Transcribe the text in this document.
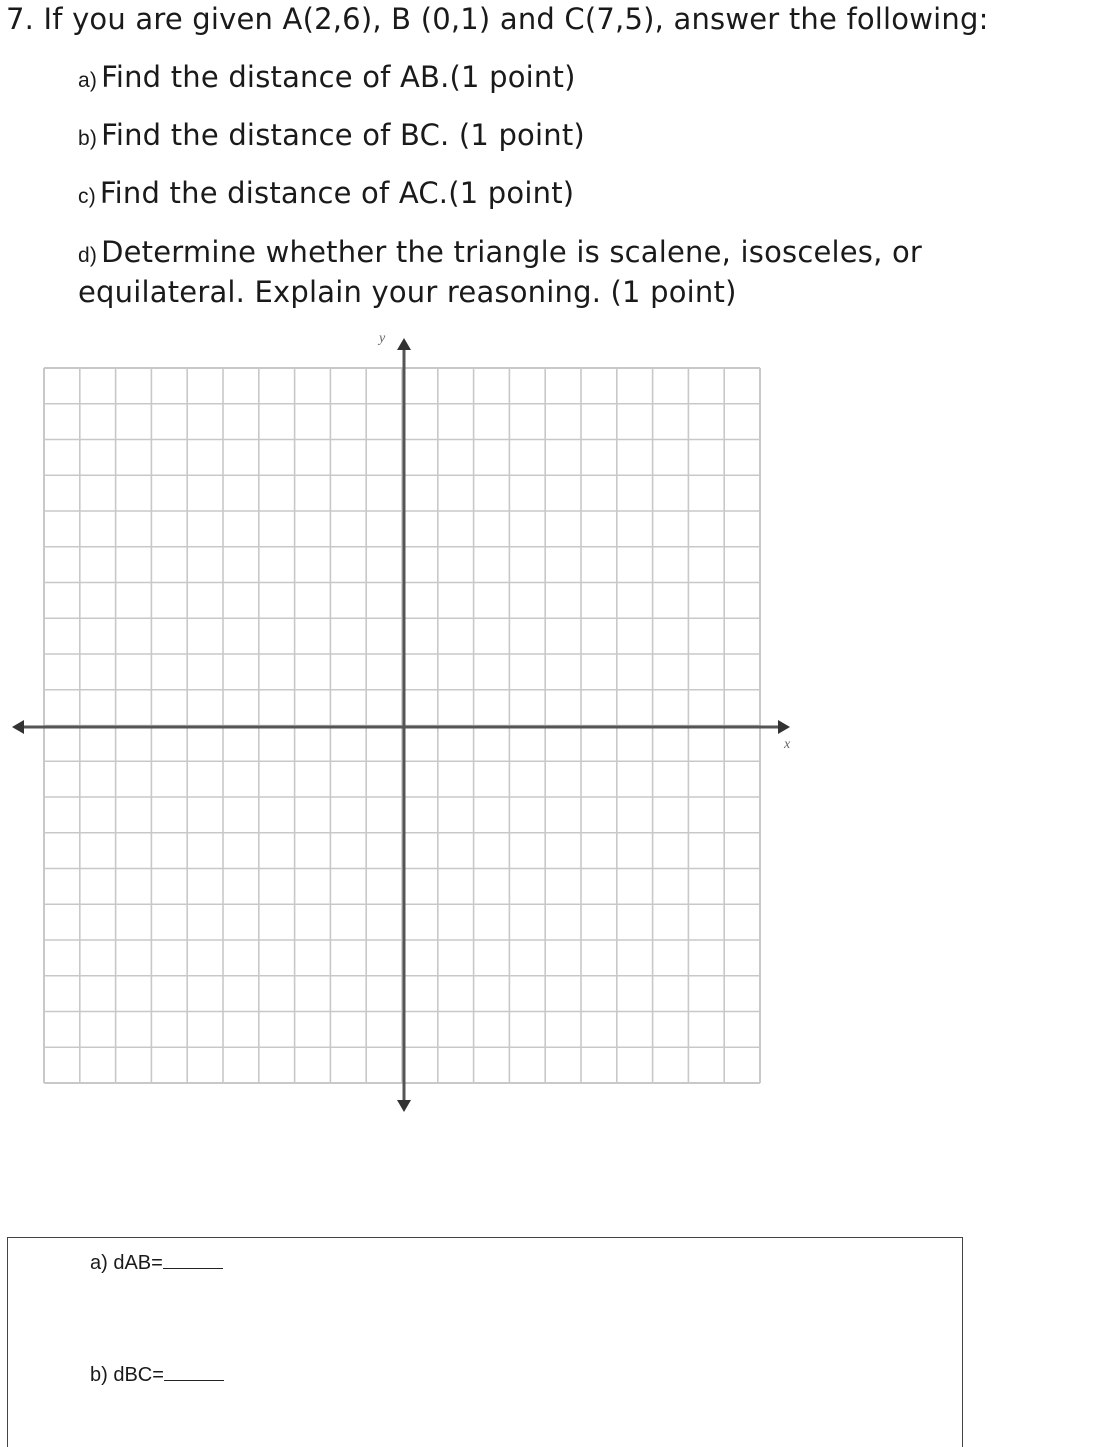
7. If you are given A(2,6), B (0,1) and C(7,5), answer the following:
a) Find the distance of AB.(1 point)
b) Find the distance of BC. (1 point)
c) Find the distance of AC.(1 point)
d) Determine whether the triangle is scalene, isosceles, or equilateral. Explain your reasoning. (1 point)
y
x
a) dAB=
b) dBC=
